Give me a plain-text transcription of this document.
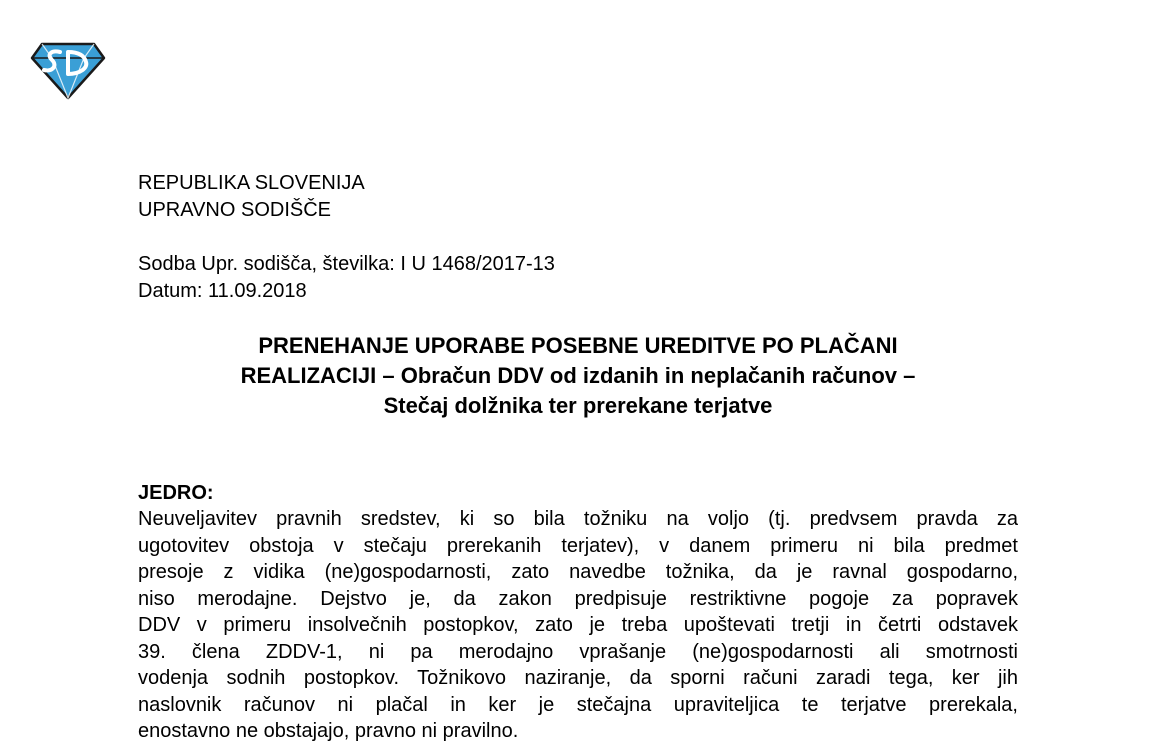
REPUBLIKA SLOVENIJA
UPRAVNO SODIŠČE
Sodba Upr. sodišča, številka: I U 1468/2017-13
Datum: 11.09.2018
PRENEHANJE UPORABE POSEBNE UREDITVE PO PLAČANI
REALIZACIJI – Obračun DDV od izdanih in neplačanih računov –
Stečaj dolžnika ter prerekane terjatve
JEDRO:
Neuveljavitev pravnih sredstev, ki so bila tožniku na voljo (tj. predvsem pravda za
ugotovitev obstoja v stečaju prerekanih terjatev), v danem primeru ni bila predmet
presoje z vidika (ne)gospodarnosti, zato navedbe tožnika, da je ravnal gospodarno,
niso merodajne. Dejstvo je, da zakon predpisuje restriktivne pogoje za popravek
DDV v primeru insolvečnih postopkov, zato je treba upoštevati tretji in četrti odstavek
39. člena ZDDV-1, ni pa merodajno vprašanje (ne)gospodarnosti ali smotrnosti
vodenja sodnih postopkov. Tožnikovo naziranje, da sporni računi zaradi tega, ker jih
naslovnik računov ni plačal in ker je stečajna upraviteljica te terjatve prerekala,
enostavno ne obstajajo, pravno ni pravilno.
